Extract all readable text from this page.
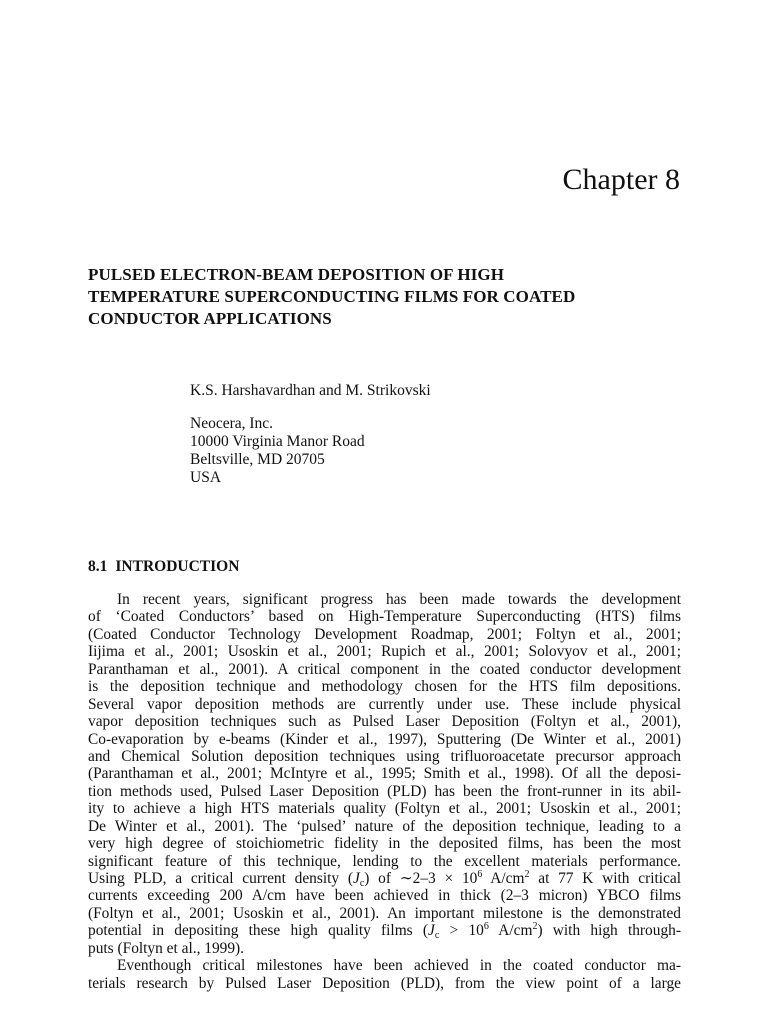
Chapter 8
PULSED ELECTRON-BEAM DEPOSITION OF HIGH
TEMPERATURE SUPERCONDUCTING FILMS FOR COATED
CONDUCTOR APPLICATIONS
K.S. Harshavardhan and M. Strikovski
Neocera, Inc.
10000 Virginia Manor Road
Beltsville, MD 20705
USA
8.1 INTRODUCTION
In recent years, significant progress has been made towards the development
of ‘Coated Conductors’ based on High-Temperature Superconducting (HTS) films
(Coated Conductor Technology Development Roadmap, 2001; Foltyn et al., 2001;
Iijima et al., 2001; Usoskin et al., 2001; Rupich et al., 2001; Solovyov et al., 2001;
Paranthaman et al., 2001). A critical component in the coated conductor development
is the deposition technique and methodology chosen for the HTS film depositions.
Several vapor deposition methods are currently under use. These include physical
vapor deposition techniques such as Pulsed Laser Deposition (Foltyn et al., 2001),
Co-evaporation by e-beams (Kinder et al., 1997), Sputtering (De Winter et al., 2001)
and Chemical Solution deposition techniques using trifluoroacetate precursor approach
(Paranthaman et al., 2001; McIntyre et al., 1995; Smith et al., 1998). Of all the deposi-
tion methods used, Pulsed Laser Deposition (PLD) has been the front-runner in its abil-
ity to achieve a high HTS materials quality (Foltyn et al., 2001; Usoskin et al., 2001;
De Winter et al., 2001). The ‘pulsed’ nature of the deposition technique, leading to a
very high degree of stoichiometric fidelity in the deposited films, has been the most
significant feature of this technique, lending to the excellent materials performance.
Using PLD, a critical current density $(J_c)$ of ∼2–3 × $10^6$ $A/cm^2$ at 77 K with critical
currents exceeding 200 A/cm have been achieved in thick (2–3 micron) YBCO films
(Foltyn et al., 2001; Usoskin et al., 2001). An important milestone is the demonstrated
potential in depositing these high quality films ($J_c > 10^6$ $A/cm^2$) with high through-
puts (Foltyn et al., 1999).
Eventhough critical milestones have been achieved in the coated conductor ma-
terials research by Pulsed Laser Deposition (PLD), from the view point of a large
